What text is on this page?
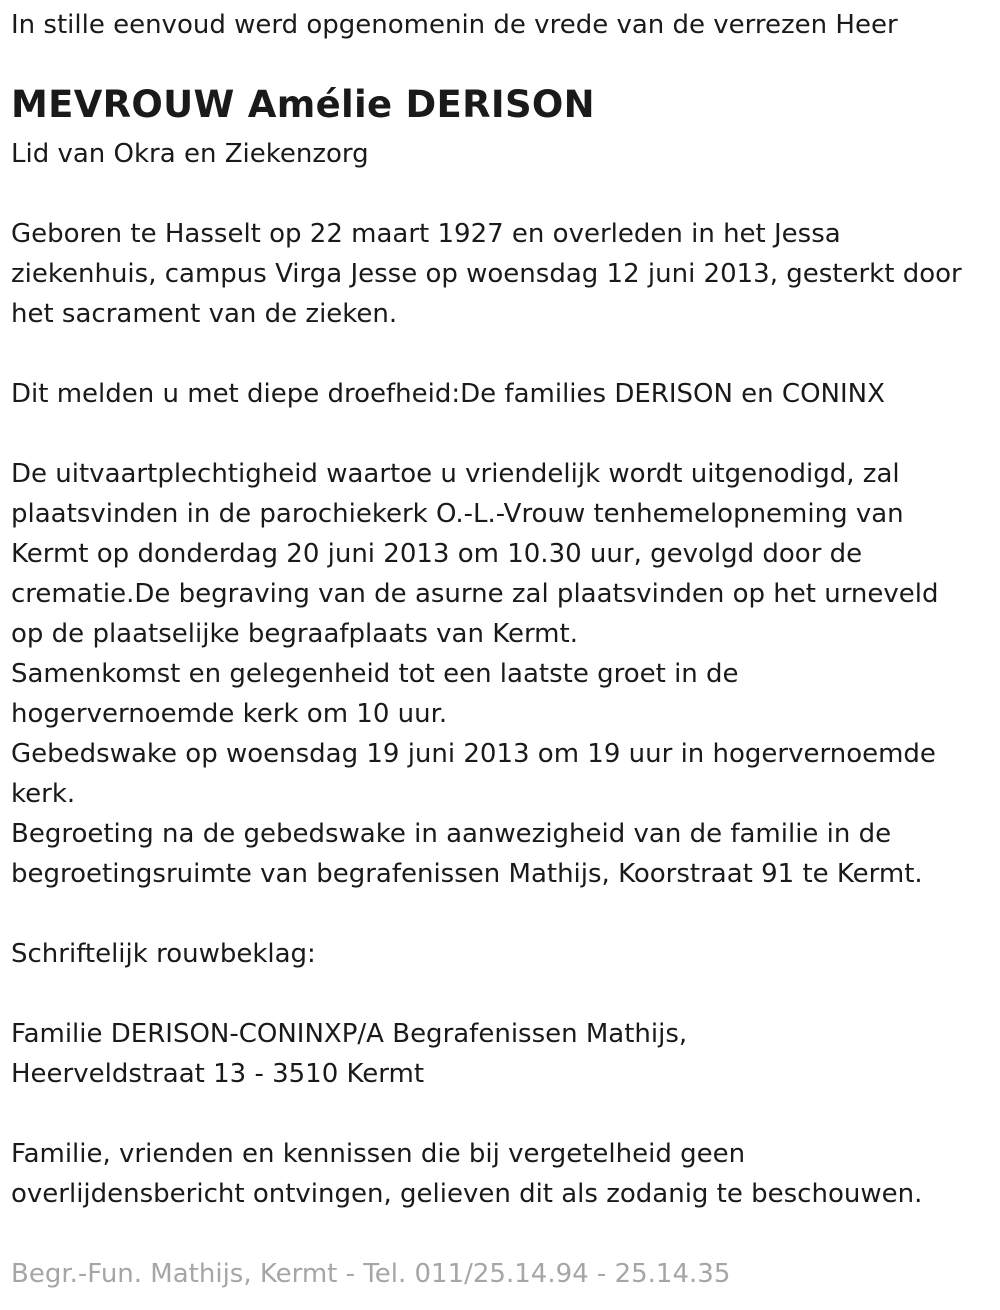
In stille eenvoud werd opgenomenin de vrede van de verrezen Heer

MEVROUW Amélie DERISON

Lid van Okra en Ziekenzorg

Geboren te Hasselt op 22 maart 1927 en overleden in het Jessa

ziekenhuis, campus Virga Jesse op woensdag 12 juni 2013, gesterkt door

het sacrament van de zieken.

Dit melden u met diepe droefheid:De families DERISON en CONINX

De uitvaartplechtigheid waartoe u vriendelijk wordt uitgenodigd, zal

plaatsvinden in de parochiekerk O.-L.-Vrouw tenhemelopneming van

Kermt op donderdag 20 juni 2013 om 10.30 uur, gevolgd door de

crematie.De begraving van de asurne zal plaatsvinden op het urneveld

op de plaatselijke begraafplaats van Kermt.

Samenkomst en gelegenheid tot een laatste groet in de

hogervernoemde kerk om 10 uur.

Gebedswake op woensdag 19 juni 2013 om 19 uur in hogervernoemde

kerk.

Begroeting na de gebedswake in aanwezigheid van de familie in de

begroetingsruimte van begrafenissen Mathijs, Koorstraat 91 te Kermt.

Schriftelijk rouwbeklag:

Familie DERISON-CONINXP/A Begrafenissen Mathijs,

Heerveldstraat 13 - 3510 Kermt

Familie, vrienden en kennissen die bij vergetelheid geen

overlijdensbericht ontvingen, gelieven dit als zodanig te beschouwen.

Begr.-Fun. Mathijs, Kermt - Tel. 011/25.14.94 - 25.14.35
